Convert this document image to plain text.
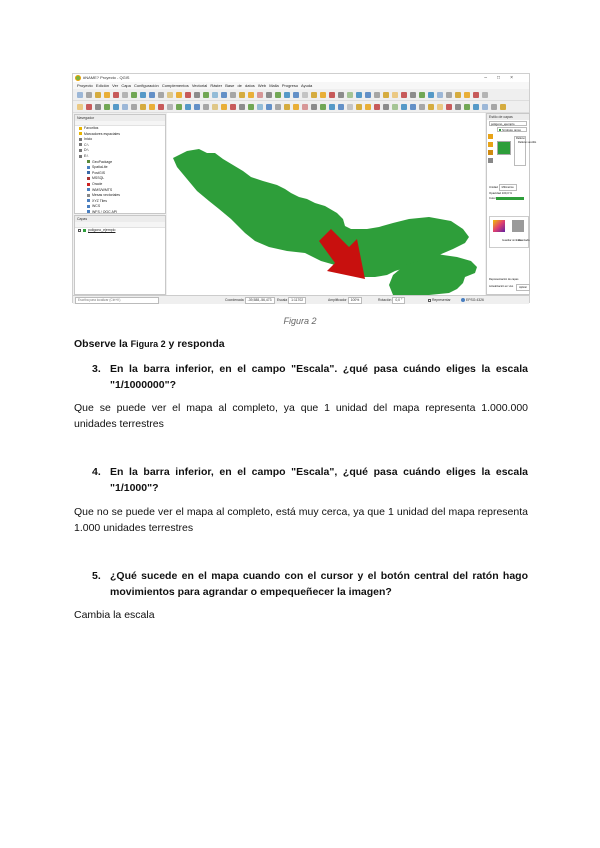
#NAME? Proyecto - QGIS	–□×
Proyecto Edición Ver Capa Configuración Complementos Vectorial Ráster Base de datos Web Malla Progreso Ayuda
Navegador
Favoritos
Marcadores espaciales
Inicio
C:\
D:\
E:\
GeoPackage
SpatiaLite
PostGIS
MSSQL
Oracle
WMS/WMTS
Mesas vectoriales
XYZ Tiles
WCS
WFS / OGC API
Capas
poligono_ejemplo
Estilo de capas
poligono_ejemplo
Símbolo único
Relleno
Relleno sencillo
Unidad Milímetros
Opacidad 100,0 %
Color
Guardar símbolo
Avanzado
Representación de capas
Actualización en vivo	Aplicar
Escriba para localizar (Ctrl+K)	Coordenada -39,588,-56,473	Escala 1:11702	Amplificador 100%	Rotación 0,0 °	Representar	EPSG:4326
Figura 2
Observe la Figura 2 y responda
3. En la barra inferior, en el campo "Escala". ¿qué pasa cuándo eliges la escala "1/1000000"?
Que se puede ver el mapa al completo, ya que 1 unidad del mapa representa 1.000.000 unidades terrestres
4. En la barra inferior, en el campo "Escala", ¿qué pasa cuándo eliges la escala "1/1000"?
Que no se puede ver el mapa al completo, está muy cerca, ya que 1 unidad del mapa representa 1.000 unidades terrestres
5. ¿Qué sucede en el mapa cuando con el cursor y el botón central del ratón hago movimientos para agrandar o empequeñecer la imagen?
Cambia la escala
